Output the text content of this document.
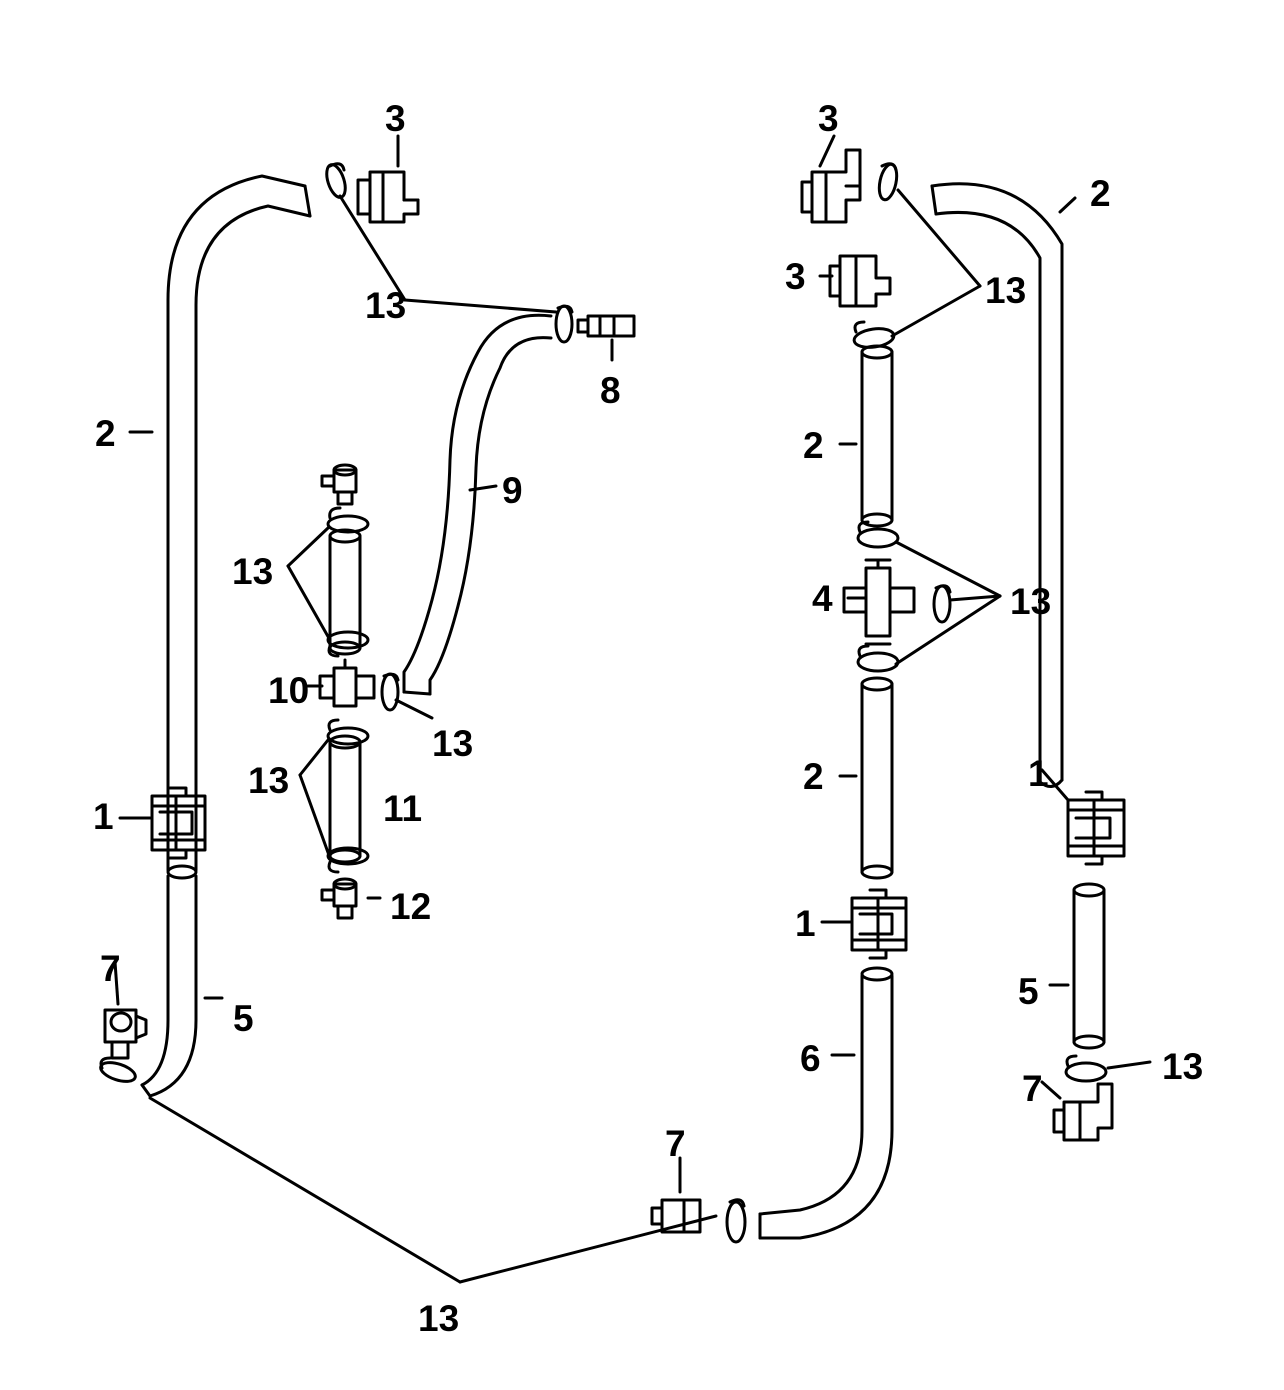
3	3
2
3	13
13
8
2	2
9
13
4	13
10
13
13	2	1
11
1
12	1
7
5
5
6	13
7
7
13
